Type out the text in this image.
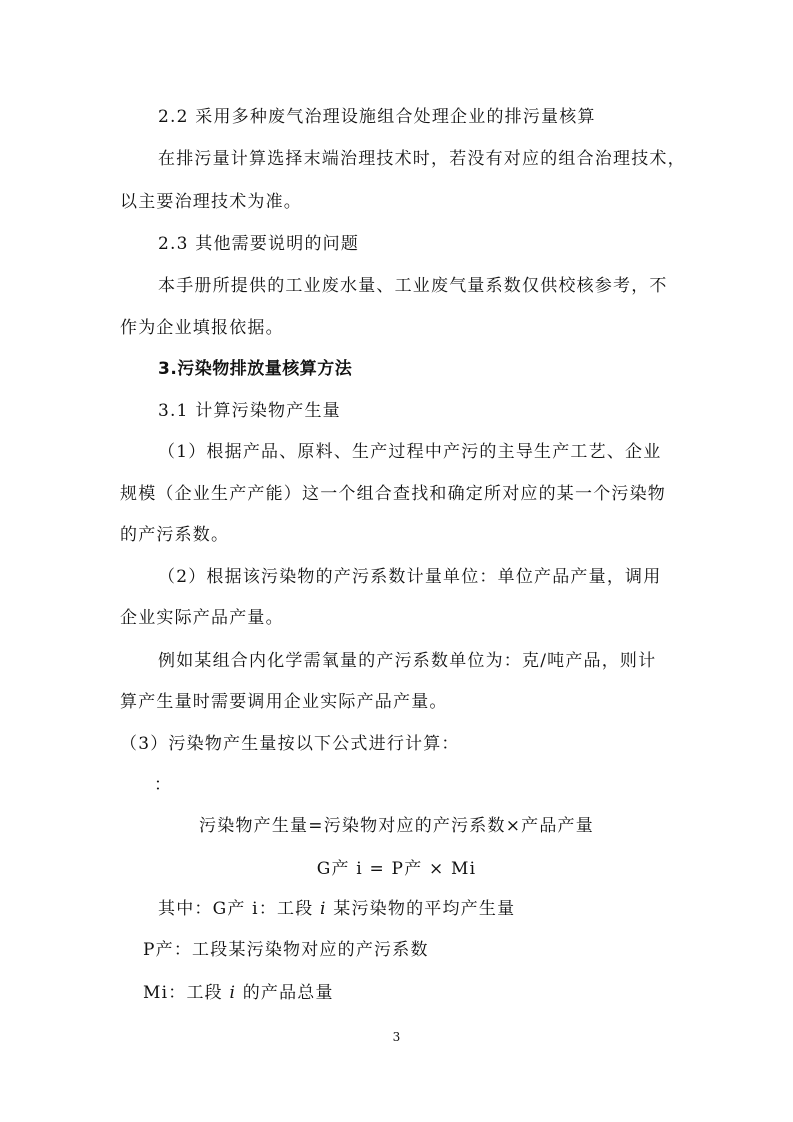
2.2 采用多种废气治理设施组合处理企业的排污量核算
在排污量计算选择末端治理技术时，若没有对应的组合治理技术，
以主要治理技术为准。
2.3 其他需要说明的问题
本手册所提供的工业废水量、工业废气量系数仅供校核参考，不
作为企业填报依据。
3.污染物排放量核算方法
3.1 计算污染物产生量
（1）根据产品、原料、生产过程中产污的主导生产工艺、企业
规模（企业生产产能）这一个组合查找和确定所对应的某一个污染物
的产污系数。
（2）根据该污染物的产污系数计量单位：单位产品产量，调用
企业实际产品产量。
例如某组合内化学需氧量的产污系数单位为：克/吨产品，则计
算产生量时需要调用企业实际产品产量。
（3）污染物产生量按以下公式进行计算：
：
污染物产生量=污染物对应的产污系数×产品产量
G产 i = P产 × Mi
其中：G产 i：工段 i 某污染物的平均产生量
P产：工段某污染物对应的产污系数
Mi：工段 i 的产品总量
3
